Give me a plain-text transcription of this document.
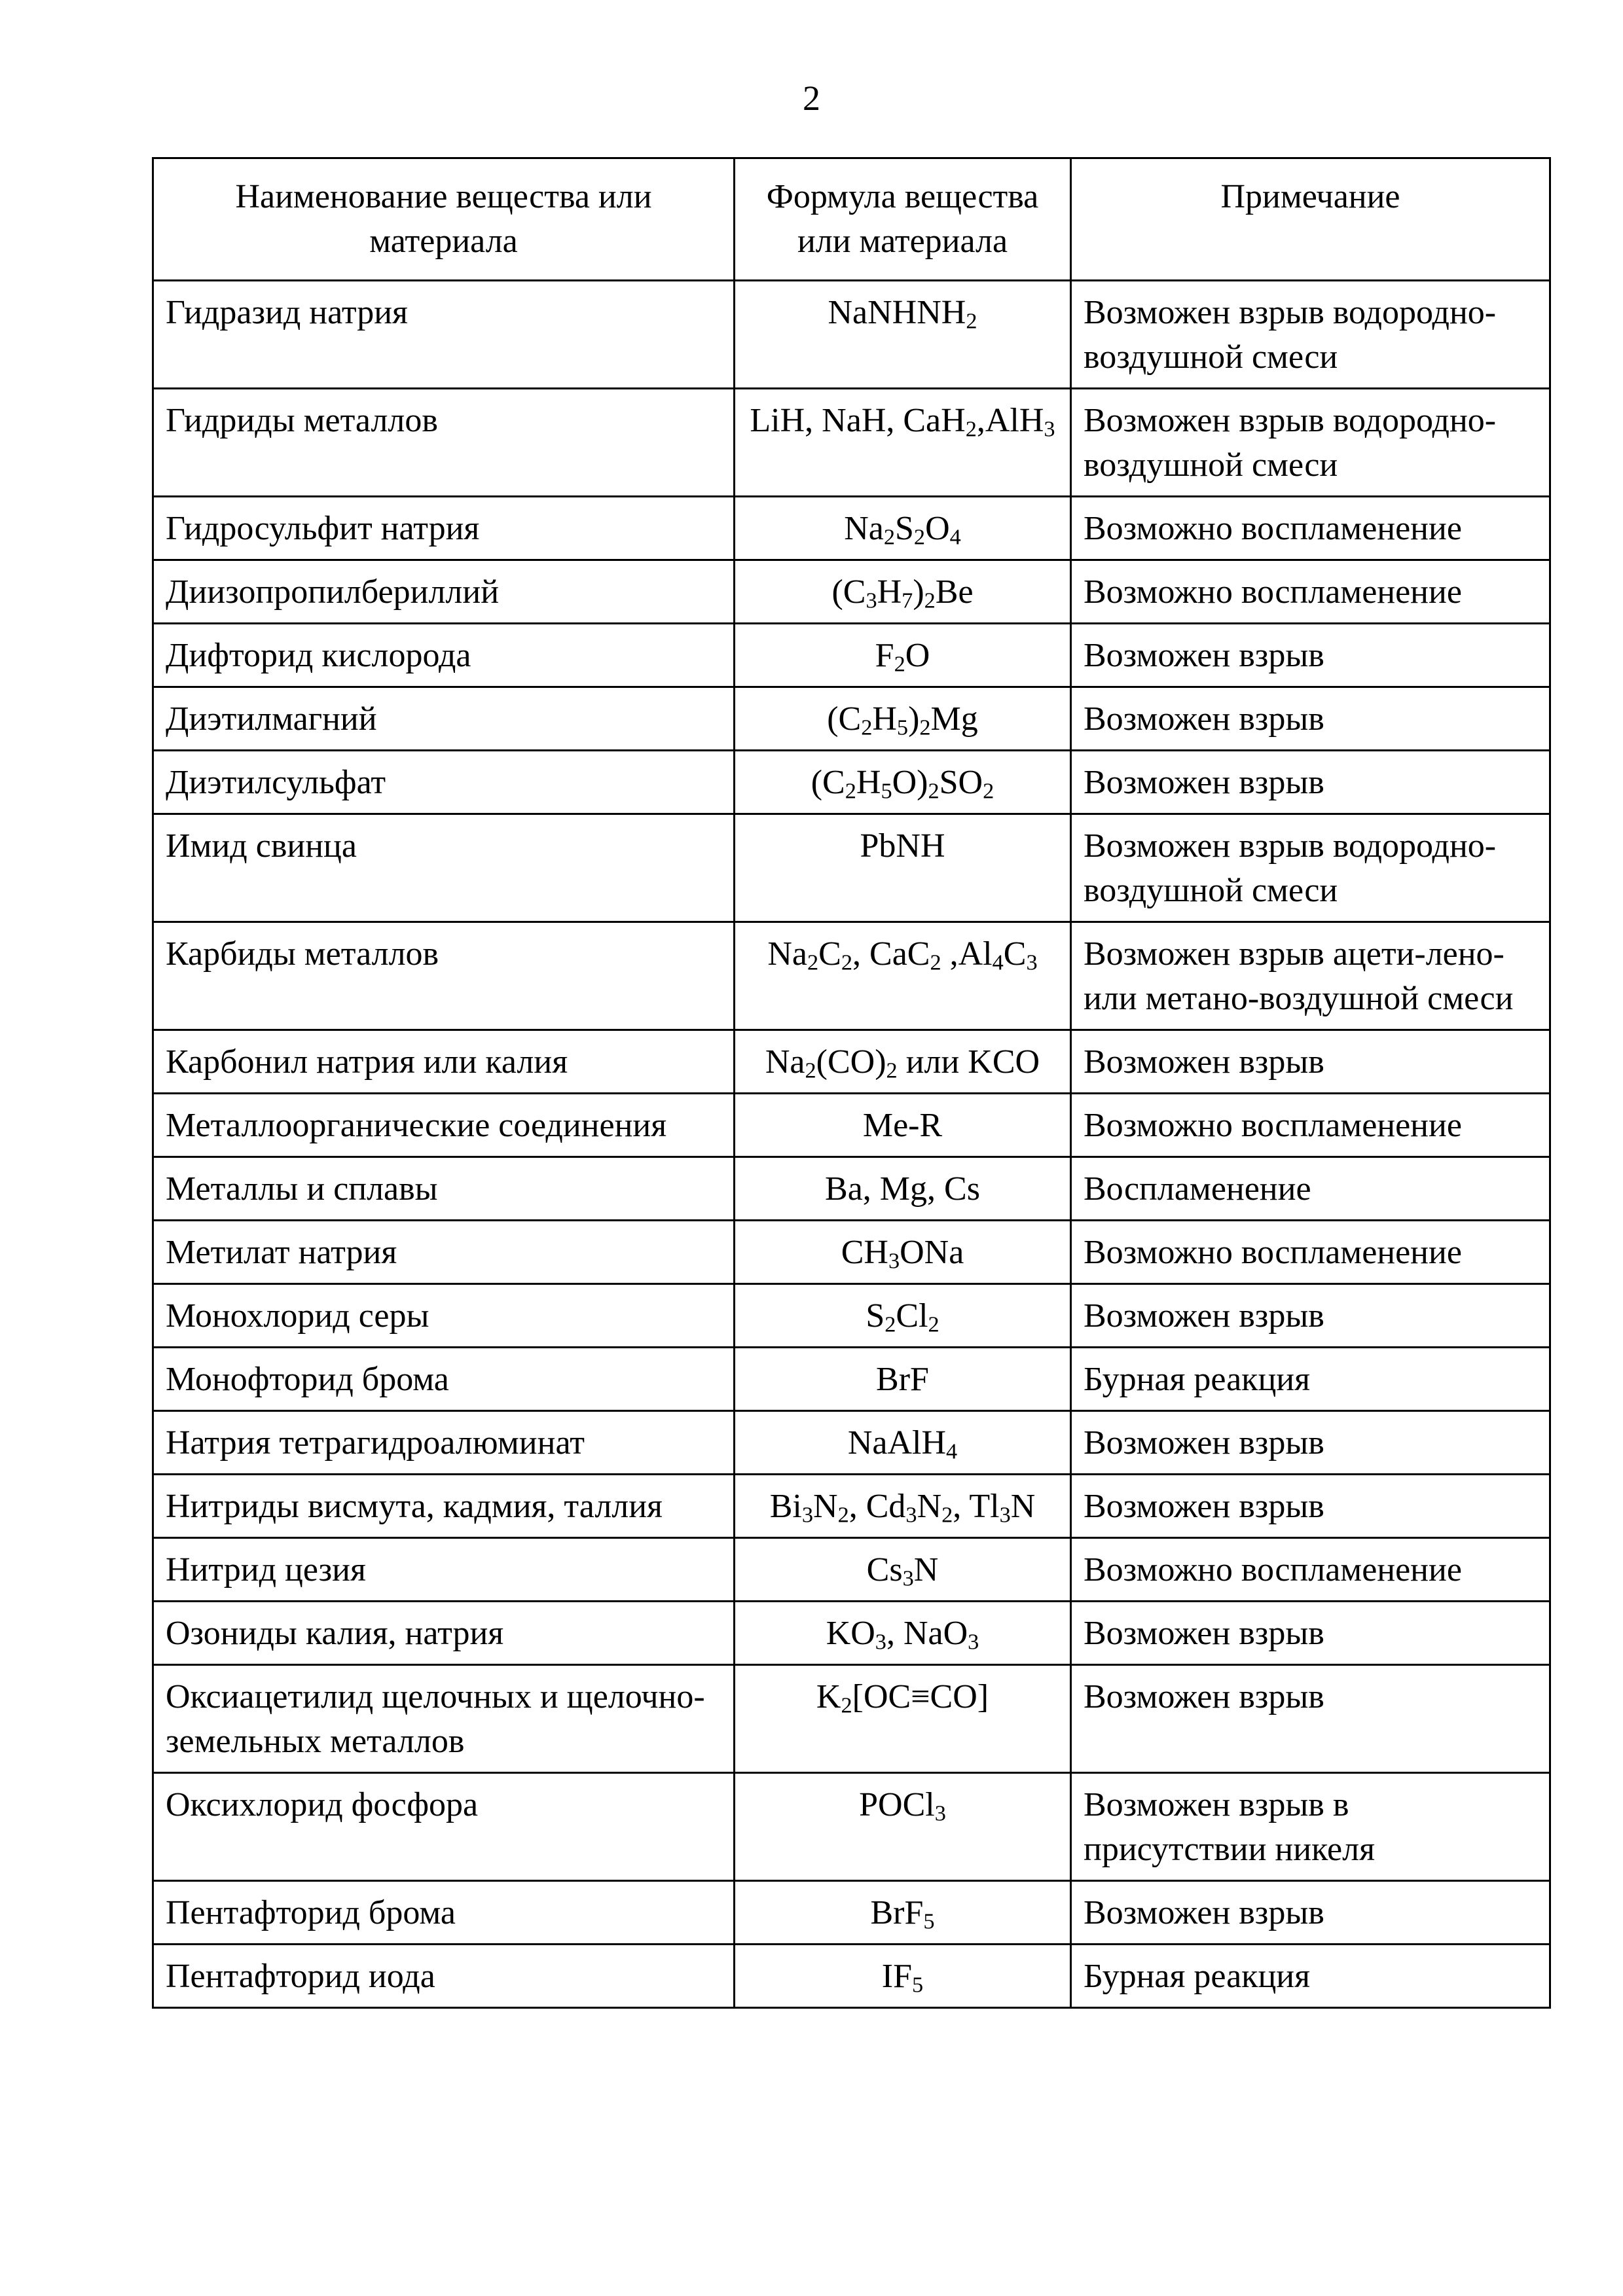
2
Наименование вещества или материала	Формула вещества или материала	Примечание
Гидразид натрия	NaNHNH$_2$	Возможен взрыв водородно-воздушной смеси
Гидриды металлов	LiH, NaH, CaH$_2$,AlH$_3$	Возможен взрыв водородно-воздушной смеси
Гидросульфит натрия	$Na_2S_2O_4$	Возможно воспламенение
Диизопропилбериллий	$(C_3H_7)_2Be$	Возможно воспламенение
Дифторид кислорода	$F_2O$	Возможен взрыв
Диэтилмагний	$(C_2H_5)_2Mg$	Возможен взрыв
Диэтилсульфат	$(C_2H_5O)_2SO_2$	Возможен взрыв
Имид свинца	PbNH	Возможен взрыв водородно-воздушной смеси
Карбиды металлов	$Na_2C_2$, CaC$_2$ $,Al_4C_3$	Возможен взрыв ацети-лено- или метано-воздушной смеси
Карбонил натрия или калия	$Na_2(CO)_2$ или KCO	Возможен взрыв
Металлоорганические соединения	Me-R	Возможно воспламенение
Металлы и сплавы	Ba, Mg, Cs	Воспламенение
Метилат натрия	$CH_3ONa$	Возможно воспламенение
Монохлорид серы	$S_2Cl_2$	Возможен взрыв
Монофторид брома	BrF	Бурная реакция
Натрия тетрагидроалюминат	NaAlH$_4$	Возможен взрыв
Нитриды висмута, кадмия, таллия	$Bi_3N_2$, $Cd_3N_2$, $Tl_3N$	Возможен взрыв
Нитрид цезия	$Cs_3N$	Возможно воспламенение
Озониды калия, натрия	$KO_3$, NaO$_3$	Возможен взрыв
Оксиацетилид щелочных и щелочно-земельных металлов	$K_2[OC\equiv CO]$	Возможен взрыв
Оксихлорид фосфора	POCl$_3$	Возможен взрыв в присутствии никеля
Пентафторид брома	BrF$_5$	Возможен взрыв
Пентафторид иода	$IF_5$	Бурная реакция
